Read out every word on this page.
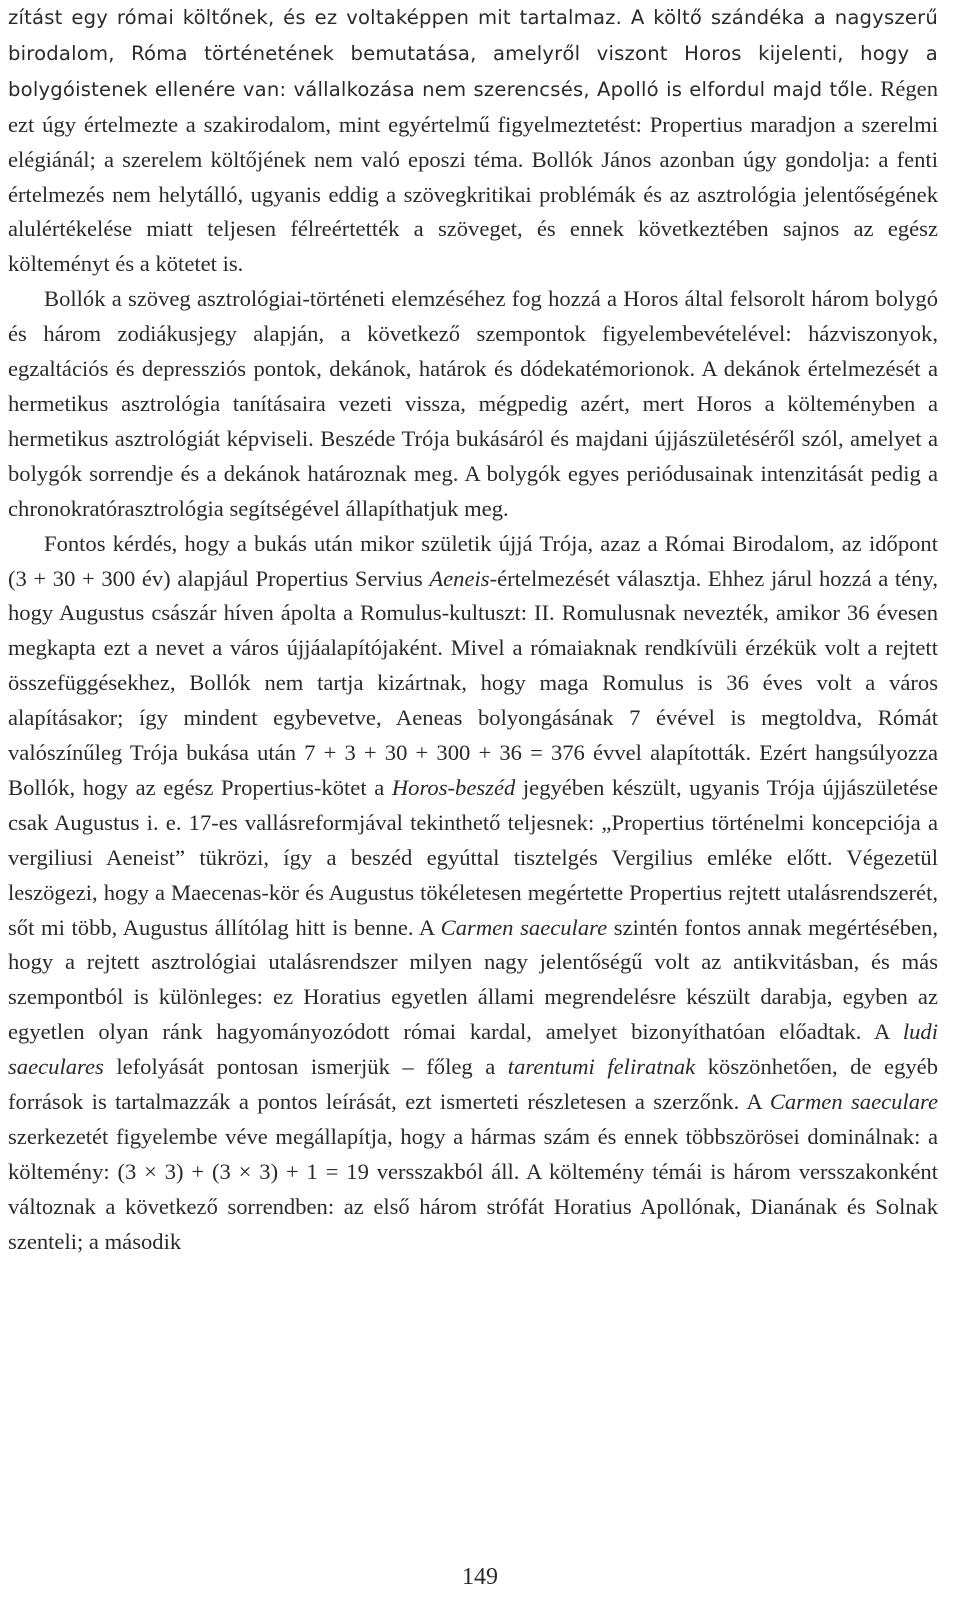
zítást egy római költőnek, és ez voltaképpen mit tartalmaz. A költő szándéka a nagyszerű birodalom, Róma történetének bemutatása, amelyről viszont Horos kijelenti, hogy a bolygóistenek ellenére van: vállalkozása nem szerencsés, Apolló is elfordul majd tőle. Régen ezt úgy értelmezte a szakirodalom, mint egyértelmű figyelmeztetést: Propertius maradjon a szerelmi elégiánál; a szerelem költőjének nem való eposzi téma. Bollók János azonban úgy gondolja: a fenti értelmezés nem helytálló, ugyanis eddig a szövegkritikai problémák és az asztrológia jelentőségének alulértékelése miatt teljesen félreértették a szöveget, és ennek következtében sajnos az egész költeményt és a kötetet is.

Bollók a szöveg asztrológiai-történeti elemzéséhez fog hozzá a Horos által felsorolt három bolygó és három zodiákusjegy alapján, a következő szempontok figyelembevételével: házviszonyok, egzaltációs és depressziós pontok, dekánok, határok és dódekatémorionok. A dekánok értelmezését a hermetikus asztrológia tanításaira vezeti vissza, mégpedig azért, mert Horos a költeményben a hermetikus asztrológiát képviseli. Beszéde Trója bukásáról és majdani újjászületéséről szól, amelyet a bolygók sorrendje és a dekánok határoznak meg. A bolygók egyes periódusainak intenzitását pedig a chronokratórasztrológia segítségével állapíthatjuk meg.

Fontos kérdés, hogy a bukás után mikor születik újjá Trója, azaz a Római Birodalom, az időpont (3 + 30 + 300 év) alapjául Propertius Servius Aeneis-értelmezését választja. Ehhez járul hozzá a tény, hogy Augustus császár híven ápolta a Romulus-kultuszt: II. Romulusnak nevezték, amikor 36 évesen megkapta ezt a nevet a város újjáalapítójaként. Mivel a rómaiaknak rendkívüli érzékük volt a rejtett összefüggésekhez, Bollók nem tartja kizártnak, hogy maga Romulus is 36 éves volt a város alapításakor; így mindent egybevetve, Aeneas bolyongásának 7 évével is megtoldva, Rómát valószínűleg Trója bukása után 7 + 3 + 30 + 300 + 36 = 376 évvel alapították. Ezért hangsúlyozza Bollók, hogy az egész Propertius-kötet a Horos-beszéd jegyében készült, ugyanis Trója újjászületése csak Augustus i. e. 17-es vallásreformjával tekinthető teljesnek: „Propertius történelmi koncepciója a vergiliusi Aeneist” tükrözi, így a beszéd egyúttal tisztelgés Vergilius emléke előtt. Végezetül leszögezi, hogy a Maecenas-kör és Augustus tökéletesen megértette Propertius rejtett utalásrendszerét, sőt mi több, Augustus állítólag hitt is benne. A Carmen saeculare szintén fontos annak megértésében, hogy a rejtett asztrológiai utalásrendszer milyen nagy jelentőségű volt az antikvitásban, és más szempontból is különleges: ez Horatius egyetlen állami megrendelésre készült darabja, egyben az egyetlen olyan ránk hagyományozódott római kardal, amelyet bizonyíthatóan előadtak. A ludi saeculares lefolyását pontosan ismerjük – főleg a tarentumi feliratnak köszönhetően, de egyéb források is tartalmazzák a pontos leírását, ezt ismerteti részletesen a szerzőnk. A Carmen saeculare szerkezetét figyelembe véve megállapítja, hogy a hármas szám és ennek többszörösei dominálnak: a költemény: (3 × 3) + (3 × 3) + 1 = 19 versszakból áll. A költemény témái is három versszakonként változnak a következő sorrendben: az első három strófát Horatius Apollónak, Dianának és Solnak szenteli; a második

149
